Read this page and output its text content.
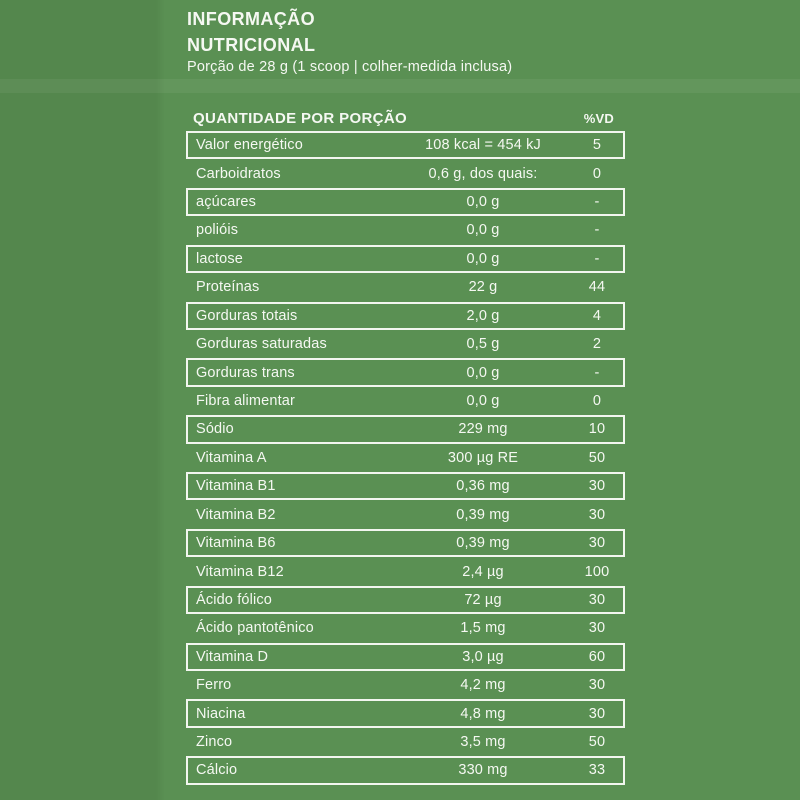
INFORMAÇÃO
NUTRICIONAL
Porção de 28 g (1 scoop | colher-medida inclusa)
QUANTIDADE POR PORÇÃO	%VD
Valor energético	108 kcal = 454 kJ	5
Carboidratos	0,6 g, dos quais:	0
açúcares	0,0 g	-
polióis	0,0 g	-
lactose	0,0 g	-
Proteínas	22 g	44
Gorduras totais	2,0 g	4
Gorduras saturadas	0,5 g	2
Gorduras trans	0,0 g	-
Fibra alimentar	0,0 g	0
Sódio	229 mg	10
Vitamina A	300 µg RE	50
Vitamina B1	0,36 mg	30
Vitamina B2	0,39 mg	30
Vitamina B6	0,39 mg	30
Vitamina B12	2,4 µg	100
Ácido fólico	72 µg	30
Ácido pantotênico	1,5 mg	30
Vitamina D	3,0 µg	60
Ferro	4,2 mg	30
Niacina	4,8 mg	30
Zinco	3,5 mg	50
Cálcio	330 mg	33
